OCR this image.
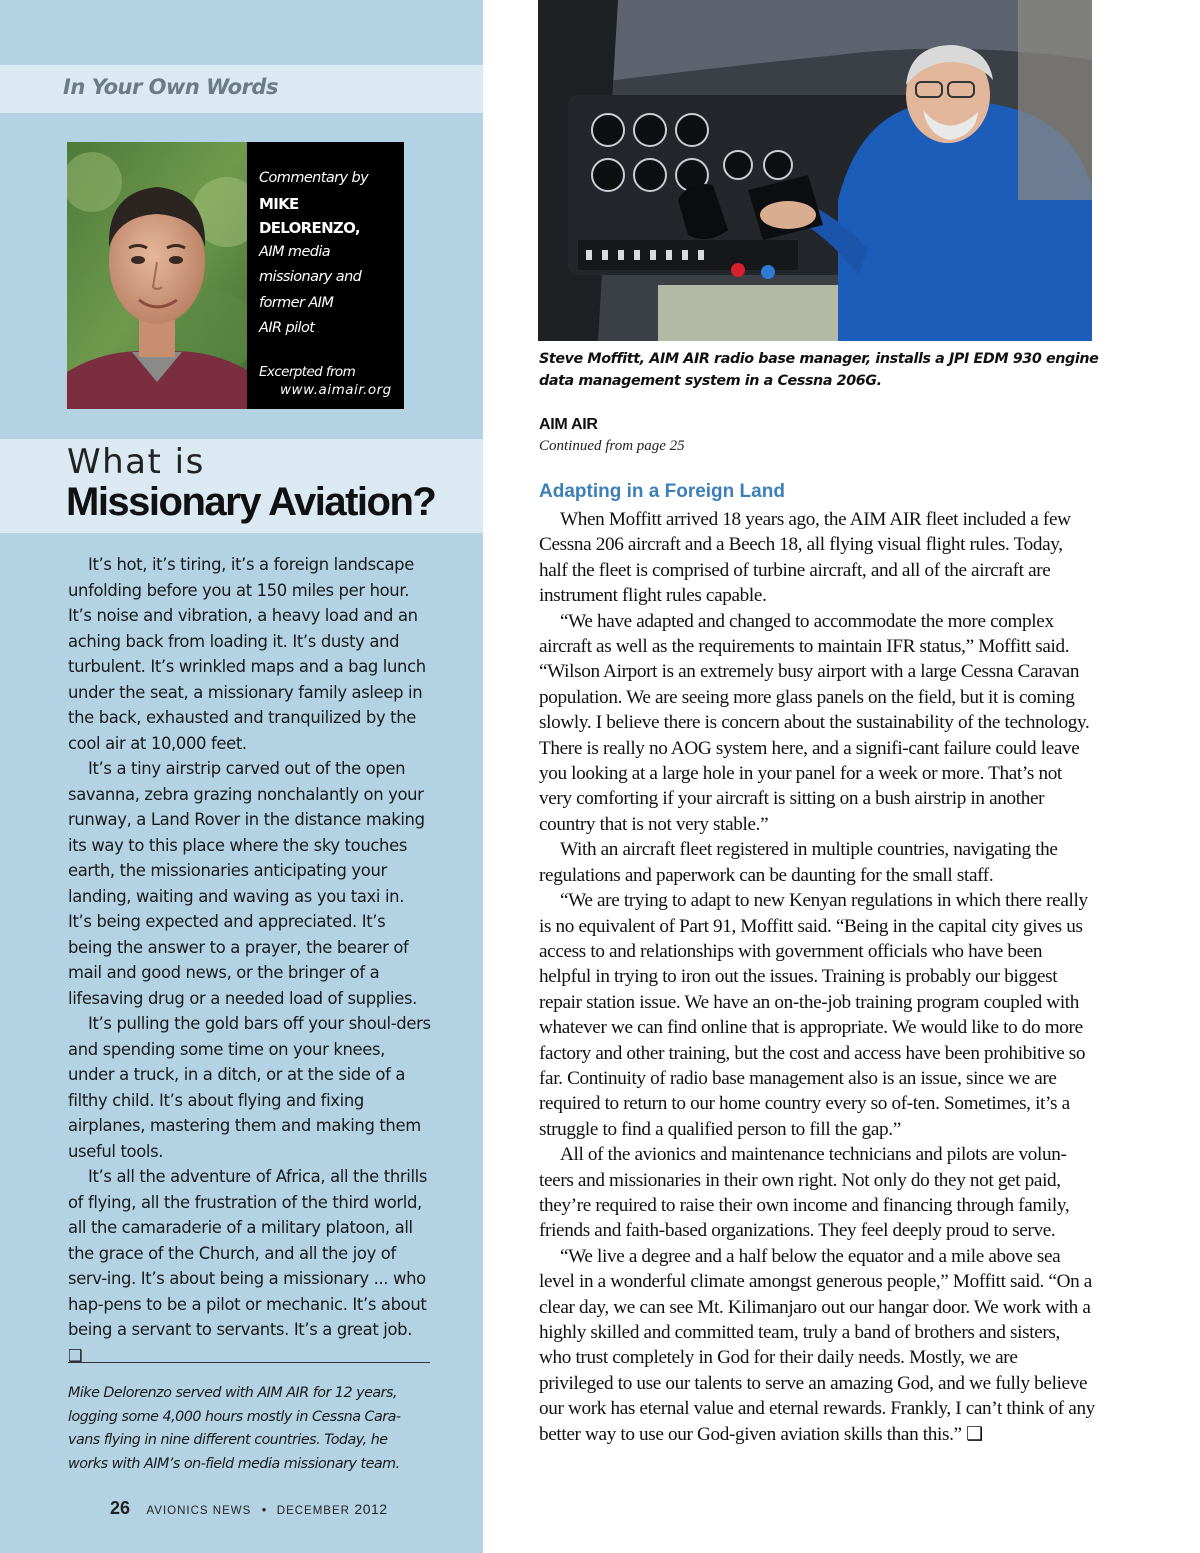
In Your Own Words
Commentary by
MIKE DELORENZO,
AIM media
missionary and
former AIM
AIR pilot
Excerpted from
www.aimair.org
What is
Missionary Aviation?

It’s hot, it’s tiring, it’s a foreign landscape unfolding before you at 150 miles per hour. It’s noise and vibration, a heavy load and an aching back from loading it. It’s dusty and turbulent. It’s wrinkled maps and a bag lunch under the seat, a missionary family asleep in the back, exhausted and tranquilized by the cool air at 10,000 feet.

It’s a tiny airstrip carved out of the open savanna, zebra grazing nonchalantly on your runway, a Land Rover in the distance making its way to this place where the sky touches earth, the missionaries anticipating your landing, waiting and waving as you taxi in. It’s being expected and appreciated. It’s being the answer to a prayer, the bearer of mail and good news, or the bringer of a lifesaving drug or a needed load of supplies.

It’s pulling the gold bars off your shoul-ders and spending some time on your knees, under a truck, in a ditch, or at the side of a filthy child. It’s about flying and fixing airplanes, mastering them and making them useful tools.

It’s all the adventure of Africa, all the thrills of flying, all the frustration of the third world, all the camaraderie of a military platoon, all the grace of the Church, and all the joy of serv-ing. It’s about being a missionary ... who hap-pens to be a pilot or mechanic. It’s about being a servant to servants. It’s a great job. ❑

Mike Delorenzo served with AIM AIR for 12 years, logging some 4,000 hours mostly in Cessna Cara-vans flying in nine different countries. Today, he works with AIM’s on-field media missionary team.
26 AVIONICS NEWS • DECEMBER 2012
Steve Moffitt, AIM AIR radio base manager, installs a JPI EDM 930 engine data management system in a Cessna 206G.
AIM AIR
Continued from page 25
Adapting in a Foreign Land

When Moffitt arrived 18 years ago, the AIM AIR fleet included a few Cessna 206 aircraft and a Beech 18, all flying visual flight rules. Today, half the fleet is comprised of turbine aircraft, and all of the aircraft are instrument flight rules capable.

“We have adapted and changed to accommodate the more complex aircraft as well as the requirements to maintain IFR status,” Moffitt said. “Wilson Airport is an extremely busy airport with a large Cessna Caravan population. We are seeing more glass panels on the field, but it is coming slowly. I believe there is concern about the sustainability of the technology. There is really no AOG system here, and a signifi-cant failure could leave you looking at a large hole in your panel for a week or more. That’s not very comforting if your aircraft is sitting on a bush airstrip in another country that is not very stable.”

With an aircraft fleet registered in multiple countries, navigating the regulations and paperwork can be daunting for the small staff.

“We are trying to adapt to new Kenyan regulations in which there really is no equivalent of Part 91, Moffitt said. “Being in the capital city gives us access to and relationships with government officials who have been helpful in trying to iron out the issues. Training is probably our biggest repair station issue. We have an on-the-job training program coupled with whatever we can find online that is appropriate. We would like to do more factory and other training, but the cost and access have been prohibitive so far. Continuity of radio base management also is an issue, since we are required to return to our home country every so of-ten. Sometimes, it’s a struggle to find a qualified person to fill the gap.”

All of the avionics and maintenance technicians and pilots are volun-teers and missionaries in their own right. Not only do they not get paid, they’re required to raise their own income and financing through family, friends and faith-based organizations. They feel deeply proud to serve.

“We live a degree and a half below the equator and a mile above sea level in a wonderful climate amongst generous people,” Moffitt said. “On a clear day, we can see Mt. Kilimanjaro out our hangar door. We work with a highly skilled and committed team, truly a band of brothers and sisters, who trust completely in God for their daily needs. Mostly, we are privileged to use our talents to serve an amazing God, and we fully believe our work has eternal value and eternal rewards. Frankly, I can’t think of any better way to use our God-given aviation skills than this.” ❑
